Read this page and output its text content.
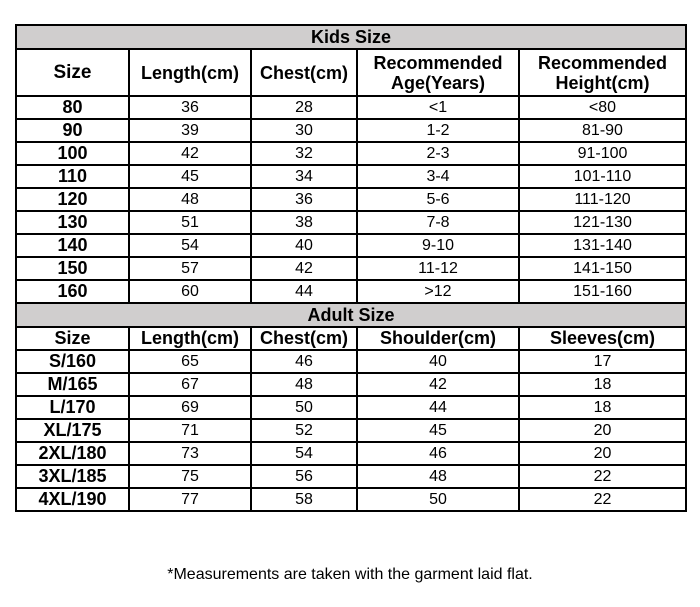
Kids Size				
Size	Length(cm)	Chest(cm)	Recommended Age(Years)	Recommended Height(cm)
80	36	28	<1	<80
90	39	30	1-2	81-90
100	42	32	2-3	91-100
110	45	34	3-4	101-110
120	48	36	5-6	111-120
130	51	38	7-8	121-130
140	54	40	9-10	131-140
150	57	42	11-12	141-150
160	60	44	>12	151-160
Adult Size				
Size	Length(cm)	Chest(cm)	Shoulder(cm)	Sleeves(cm)
S/160	65	46	40	17
M/165	67	48	42	18
L/170	69	50	44	18
XL/175	71	52	45	20
2XL/180	73	54	46	20
3XL/185	75	56	48	22
4XL/190	77	58	50	22
*Measurements are taken with the garment laid flat.
